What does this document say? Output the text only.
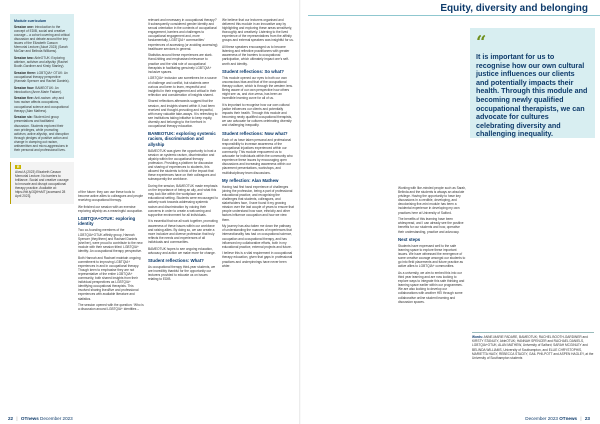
Module curriculum

Session one: Introduction to the concept of EDIB, social and creative courage – a cohort covering and critical discussion and debate around the key issues of the Elizabeth Casson Memorial Lecture (Alowi 2023) (Sarah McGarr and Belinda Williams).

Session two: AbleOTUK: Exploring ableism, activism and allyship (Rachel Booth-Gardiner and Kirsty Stanley).

Session three: LGBTQIA+ OTUK: An occupational therapy perspective (Hannah Spencer and Rachel Daniels).

Session four: BAMEOTUK: An introduction (Anne-Marie Fadare).

Session five: Anti-racism: why and how racism affects occupations, occupational science and occupational therapy (Alan Mathew).

Session six: Student-led group presentations and facilitated discussion. Students explored their own privileges, while promoting activism, active allyship, and disruption through pledges of positive action and change in clamping out racism, antisemitism and micro-aggressions in their personal and professional lives.

R

Alowi A (2023) Elizabeth Casson Memorial Lecture. No barriers to brilliance. Social and creative courage to innovate and disrupt occupational therapy practice. Available at: https://bit.ly/3QtHvMT [accessed 28 April 2023].

of the future: they can use these tools to become active allies to colleagues and people receiving occupational therapy.

We finished our session with an exercise exploring allyship as a meaningful occupation.

LGBTQIA+OTUK: exploring identity

Two co-founding members of the LGBTQIA+OTUK affinity group, Hannah Spencer (they/them) and Rachael Daniels (she/her), were proud to contribute to the new module with their session titled: LGBTQIA+ identity: An occupational therapy perspective.

Both Hannah and Rachael maintain ongoing commitment to improving LGBTQIA+ experiences in and in occupational therapy. Though keen to emphasise they are not representative of the entire LGBTQIA+ community, both shared insights from their individual perspectives as LGBTQIA+ identifying occupational therapists. This involved sharing lived/live and professional experiences with available literature and statistics.

The session opened with the question: ‘Who is a discussion around LGBTQIA+ identities –

relevant and necessary in occupational therapy?’ It subsequently considered gender identity and sexual orientation in the contexts of occupational engagement, barriers and challenges to occupational engagement and, more fundamentally, LGBTQIA+ communities’ experiences of accessing (or avoiding accessing) healthcare services in general.

Statistics around these experiences are stark. Hand-hitting and emphasised relevance to practice and the vital role of occupational therapists in facilitating genuinely LGBTQIA+ inclusive spaces.

LGBTQIA+ inclusion can sometimes be a source of challenge and conflict, but students were curious and keen to learn, respectful and insightful in their engagement and critical in their reflection and consideration of insights shared.

Shared reflections afterwards suggest that the session, and insights shared within it, had been received and thought-provoking and impactful, with many valuable take-aways. It is refreshing to see institutions taking initiative to keep equity, diversity and belonging to the forefront in occupational therapy education.

BAMEOTUK: exploring systemic racism, discrimination and allyship

BAMEOTUK was given the opportunity to host a session on systemic racism, discrimination and allyship within the occupational therapy profession. Providing a platform for discussion and sharing of experiences to students, this allowed the students to think of the impact that these experiences have on their colleagues and subsequently the workforce.

During the session, BAMEOTUK made emphasis on the importance of being an ally, and what this may look like within the workplace and educational setting. Students were encouraged to actively work towards addressing systemic racism and discrimination by voicing their concerns in order to create a welcoming and supportive environment for all individuals.

It is essential that we all work together, promoting awareness of these issues within our workforce and raising allies. By doing so, we can create a more inclusive and diverse profession that truly reflects the needs and experiences of all individuals and communities.

BAMEOTUK hopes to see ongoing education, advocacy and action we make more for change.

Student reflections: What?

As occupational therapy third-year students, we are incredibly thankful for the opportunity our lecturers provided to educate us on issues relating to EDIB.

We believe that our lecturers organised and delivered this module in an innovative way by highlighting and exploring these areas sensitively, thoroughly and creatively. Listening to the lived experience of the representatives from the affinity groups and external speakers was insightful for us.

All these speakers encouraged us to become listening and reflective practitioners with greater awareness of the barriers to occupational participation, which ultimately impact one’s self-worth and identity.

Student reflections: So what?

This module opened our eyes to both our own unconscious bias and that of the occupational therapy culture, which is through the western lens. Being aware of our own perspective how others might see us, and vice-versa, has been an incredible learning curve for all of us.

It is important to recognise how our own cultural justice influences our clients and potentially impacts their health. Through this module and becoming newly qualified occupational therapists, we can advocate for cultures celebrating diversity and challenging inequality.

Student reflections: Now what?

Each of us have taken personal and professional responsibility to increase awareness of the occupational injustices experienced within our community. This module empowered us to advocate for individuals within the community who experience these issues by encouraging open discussions and increasing awareness within our placement presentations, workshops, and multidisciplinary team discussions.

My reflection: Alan Mathew

Having had first hand experience of challenges joining the profession, being a part of professional educational practice, and recognising the challenges that students, colleagues, and stakeholders face, I have found it my growing mission over the last couple of years to ensure that people understand how race, ethnicity and other factors influence occupation and how we view them.

My journey has also taken me down the pathway of understanding the nuances of experiences that intersectionality has had on occupational science, occupation and occupational therapy, and has influenced my collaborative efforts, both in my educational practice, external projects and future.

I believe this is a vital requirement in occupational therapy education, given that gaps in professional practices and underpinnings have never been wider.

22 | OTnews December 2023
Equity, diversity and belonging

Working with like-minded people such as Sarah, Belinda and the students is always an absolute privilege. Having the opportunity to have key discussions in a credible, developing, and decolonising five-mini module has been a incidental experience in developing my own practices here at University of Salford.

The benefits of this learning have been widespread, and I can already see the positive benefits for our students and how, operative their understanding, practice and advocacy.

Next steps

Students have expressed well to the safe learning space to explore these important issues. We have witnessed the emergence of some creative courage amongst our students to go into fleld placements and future practice as active allies to LGBTQIA+ communities.

As a university, we aim to embed this into our third year learning and are now looking to explore ways to integrate this safe thinking and learning space earlier within our programmes. We are also looking to develop our collaborations with another HEI through some collaborative online student learning and discussion spaces.

“
It is important for us to recognise how our own cultural justice influences our clients and potentially impacts their health. Through this module and becoming newly qualified occupational therapists, we can advocate for cultures celebrating diversity and challenging inequality.
Words: ANNE-MARIE FADARE, BAMEOTUK; RACHEL BOOTH-GARDINER and KIRSTY STANLEY, AbleOTUK; HANNAH SPENCER and RACHAEL DANIELS, LGBTQIA+OTUK; ALAN MATHEW, University of Salford; SARAH MCGINLEY and BELINDA WILLIAMS, University of Southampton, and ELLIE CHRYSTOPHIS, MARIETTA HAGY, REBECCA STACEY, GAIL PHILPOTT and ASPEN HAGLEY, at the University of Southampton students
December 2023 OTnews | 23
